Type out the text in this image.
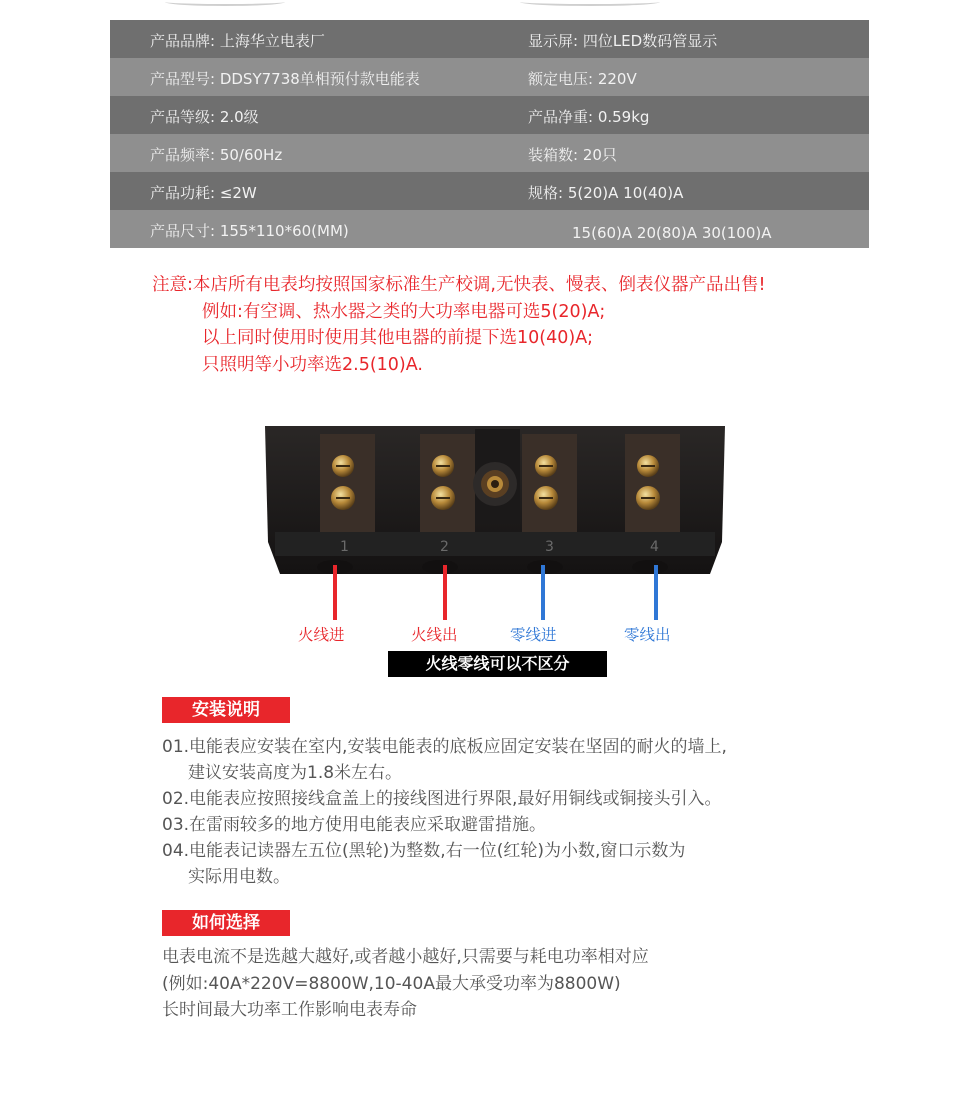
产品品牌: 上海华立电表厂	显示屏: 四位LED数码管显示
产品型号: DDSY7738单相预付款电能表	额定电压: 220V
产品等级: 2.0级	产品净重: 0.59kg
产品频率: 50/60Hz	装箱数: 20只
产品功耗: ≤2W	规格: 5(20)A 10(40)A
产品尺寸: 155*110*60(MM)	15(60)A 20(80)A 30(100)A
注意:本店所有电表均按照国家标准生产校调,无快表、慢表、倒表仪器产品出售!
例如:有空调、热水器之类的大功率电器可选5(20)A;
以上同时使用时使用其他电器的前提下选10(40)A;
只照明等小功率选2.5(10)A.
1	2	3	4
火线进	火线出	零线进	零线出
火线零线可以不区分
安装说明
01.电能表应安装在室内,安装电能表的底板应固定安装在坚固的耐火的墙上,
建议安装高度为1.8米左右。
02.电能表应按照接线盒盖上的接线图进行界限,最好用铜线或铜接头引入。
03.在雷雨较多的地方使用电能表应采取避雷措施。
04.电能表记读器左五位(黑轮)为整数,右一位(红轮)为小数,窗口示数为
实际用电数。
如何选择
电表电流不是选越大越好,或者越小越好,只需要与耗电功率相对应
(例如:40A*220V=8800W,10-40A最大承受功率为8800W)
长时间最大功率工作影响电表寿命
